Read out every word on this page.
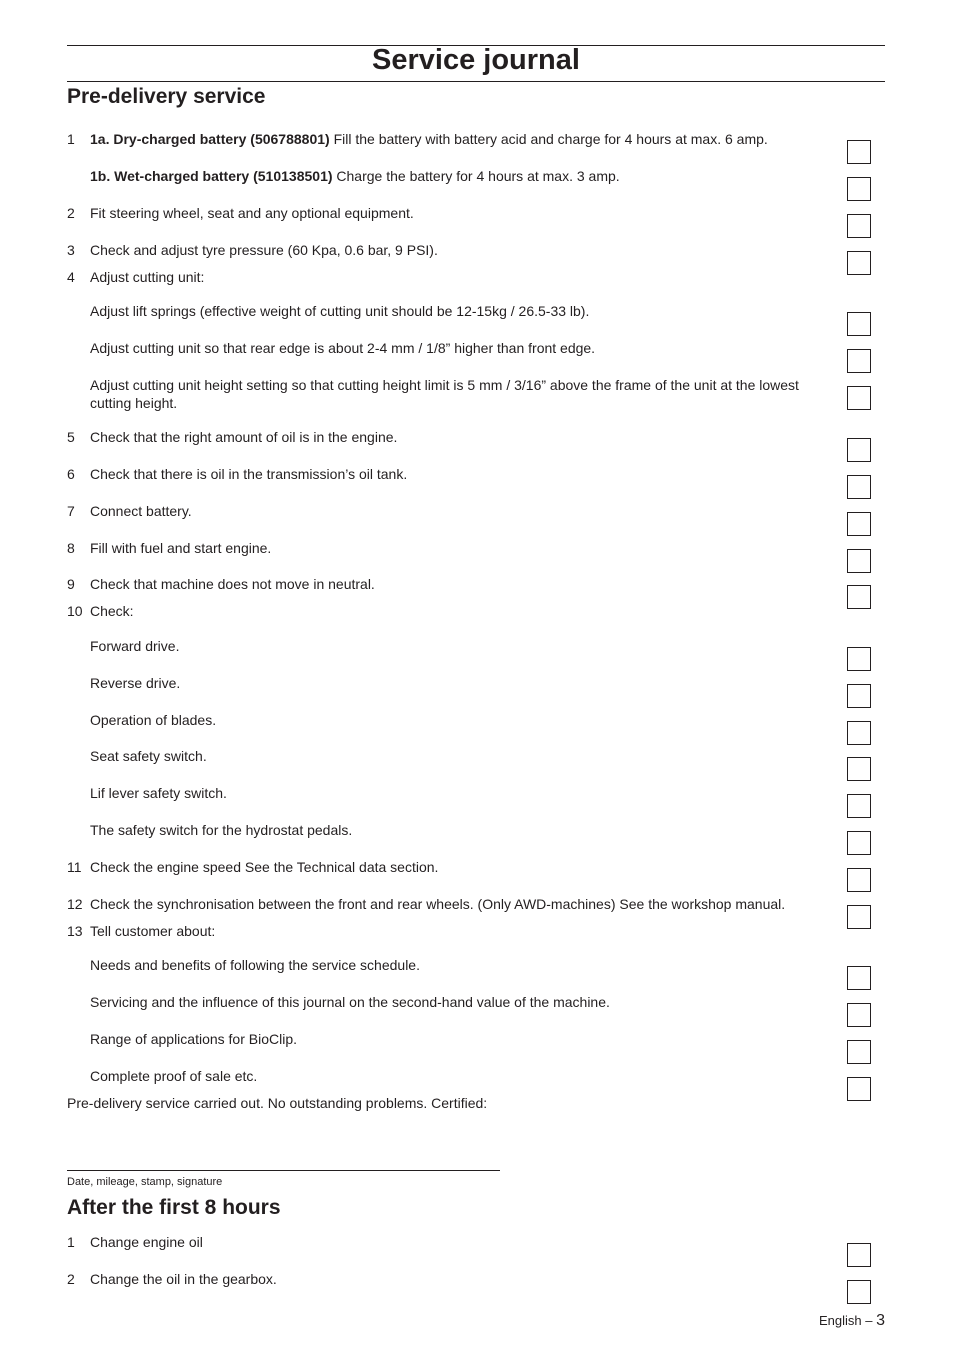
Service journal
Pre-delivery service
1 1a. Dry-charged battery (506788801) Fill the battery with battery acid and charge for 4 hours at max. 6 amp.
1b. Wet-charged battery (510138501) Charge the battery for 4 hours at max. 3 amp.
2 Fit steering wheel, seat and any optional equipment.
3 Check and adjust tyre pressure (60 Kpa, 0.6 bar, 9 PSI).
4 Adjust cutting unit:
Adjust lift springs (effective weight of cutting unit should be 12-15kg / 26.5-33 lb).
Adjust cutting unit so that rear edge is about 2-4 mm / 1/8” higher than front edge.
Adjust cutting unit height setting so that cutting height limit is 5 mm / 3/16” above the frame of the unit at the lowest cutting height.
5 Check that the right amount of oil is in the engine.
6 Check that there is oil in the transmission’s oil tank.
7 Connect battery.
8 Fill with fuel and start engine.
9 Check that machine does not move in neutral.
10 Check:
Forward drive.
Reverse drive.
Operation of blades.
Seat safety switch.
Lif lever safety switch.
The safety switch for the hydrostat pedals.
11 Check the engine speed See the Technical data section.
12 Check the synchronisation between the front and rear wheels. (Only AWD-machines) See the workshop manual.
13 Tell customer about:
Needs and benefits of following the service schedule.
Servicing and the influence of this journal on the second-hand value of the machine.
Range of applications for BioClip.
Complete proof of sale etc.
Pre-delivery service carried out. No outstanding problems. Certified:
Date, mileage, stamp, signature
After the first 8 hours
1 Change engine oil
2 Change the oil in the gearbox.
English – 3
